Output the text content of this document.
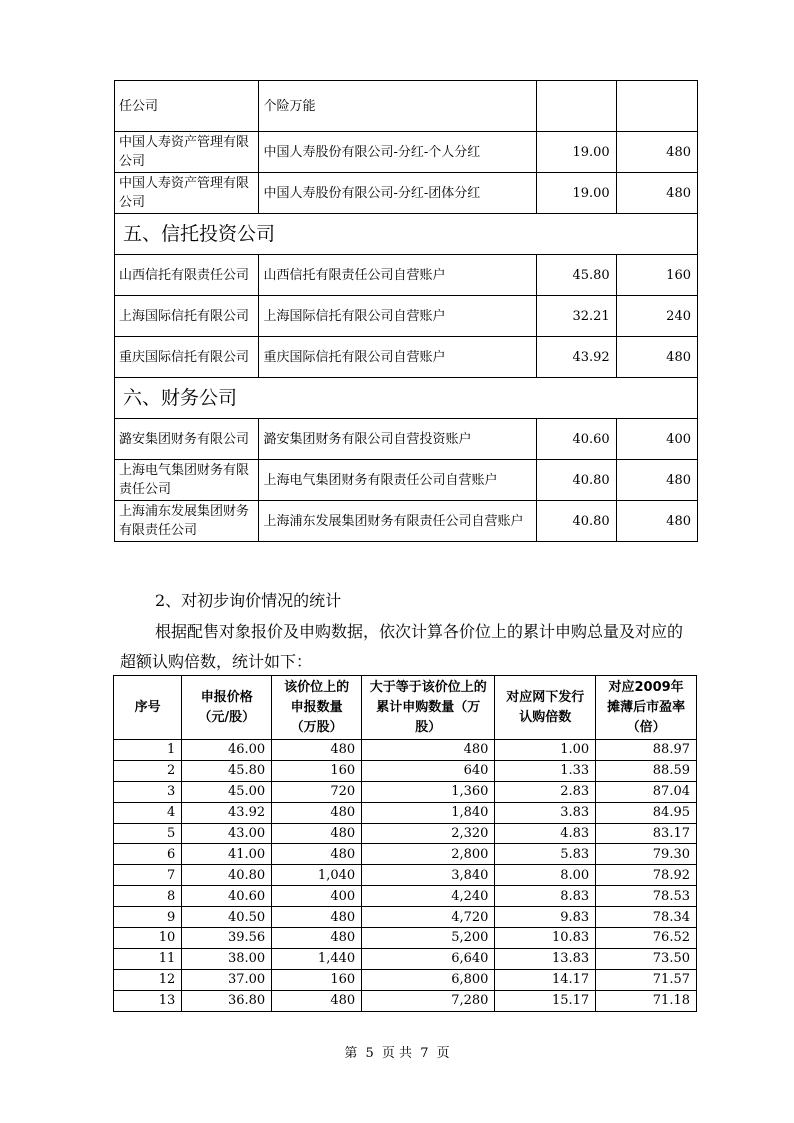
任公司	个险万能		
中国人寿资产管理有限公司	中国人寿股份有限公司-分红-个人分红	19.00	480
中国人寿资产管理有限公司	中国人寿股份有限公司-分红-团体分红	19.00	480
五、信托投资公司			
山西信托有限责任公司	山西信托有限责任公司自营账户	45.80	160
上海国际信托有限公司	上海国际信托有限公司自营账户	32.21	240
重庆国际信托有限公司	重庆国际信托有限公司自营账户	43.92	480
六、财务公司			
潞安集团财务有限公司	潞安集团财务有限公司自营投资账户	40.60	400
上海电气集团财务有限责任公司	上海电气集团财务有限责任公司自营账户	40.80	480
上海浦东发展集团财务有限责任公司	上海浦东发展集团财务有限责任公司自营账户	40.80	480
2、对初步询价情况的统计
根据配售对象报价及申购数据，依次计算各价位上的累计申购总量及对应的
超额认购倍数，统计如下：
序号	申报价格（元/股）	该价位上的申报数量（万股）	大于等于该价位上的累计申购数量（万股）	对应网下发行认购倍数	对应2009年摊薄后市盈率（倍）
1	46.00	480	480	1.00	88.97
2	45.80	160	640	1.33	88.59
3	45.00	720	1,360	2.83	87.04
4	43.92	480	1,840	3.83	84.95
5	43.00	480	2,320	4.83	83.17
6	41.00	480	2,800	5.83	79.30
7	40.80	1,040	3,840	8.00	78.92
8	40.60	400	4,240	8.83	78.53
9	40.50	480	4,720	9.83	78.34
10	39.56	480	5,200	10.83	76.52
11	38.00	1,440	6,640	13.83	73.50
12	37.00	160	6,800	14.17	71.57
13	36.80	480	7,280	15.17	71.18
第 5 页 共 7 页
